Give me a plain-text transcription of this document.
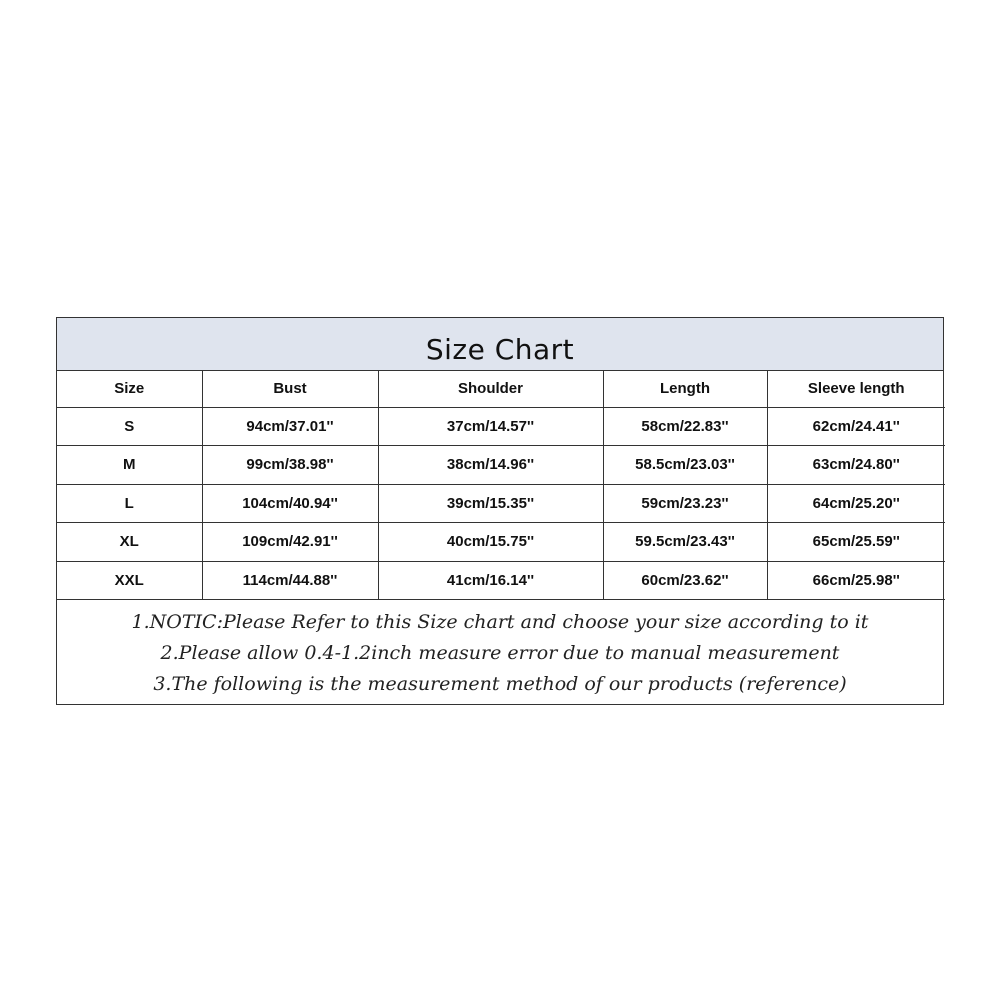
Size Chart
Size	Bust	Shoulder	Length	Sleeve length
S	94cm/37.01''	37cm/14.57''	58cm/22.83''	62cm/24.41''
M	99cm/38.98''	38cm/14.96''	58.5cm/23.03''	63cm/24.80''
L	104cm/40.94''	39cm/15.35''	59cm/23.23''	64cm/25.20''
XL	109cm/42.91''	40cm/15.75''	59.5cm/23.43''	65cm/25.59''
XXL	114cm/44.88''	41cm/16.14''	60cm/23.62''	66cm/25.98''
1.NOTIC:Please Refer to this Size chart and choose your size according to it
2.Please allow 0.4-1.2inch measure error due to manual measurement
3.The following is the measurement method of our products (reference)
